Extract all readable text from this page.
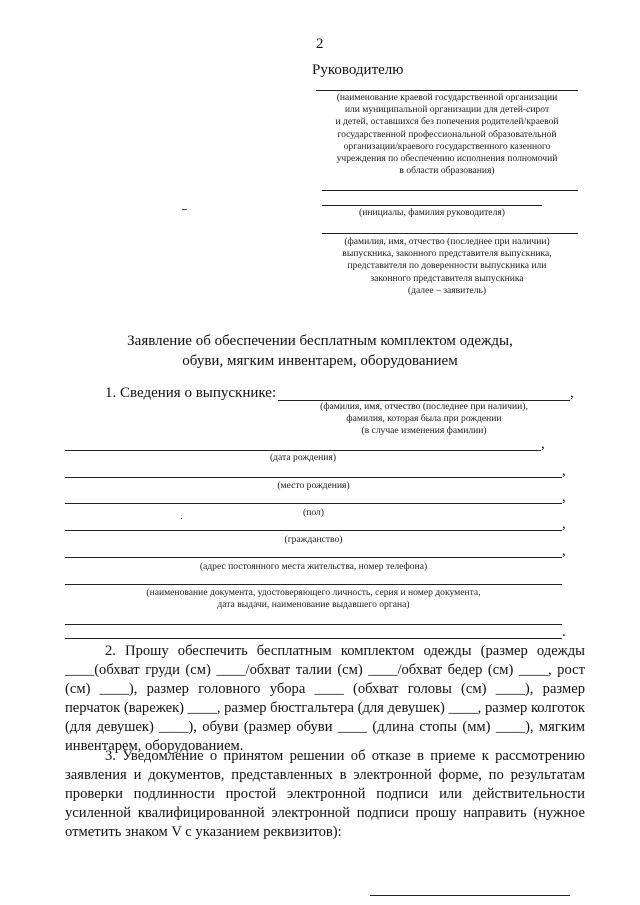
2
Руководителю
(наименование краевой государственной организации
или муниципальной организации для детей-сирот
и детей, оставшихся без попечения родителей/краевой
государственной профессиональной образовательной
организации/краевого государственного казенного
учреждения по обеспечению исполнения полномочий
в области образования)
(инициалы, фамилия руководителя)
(фамилия, имя, отчество (последнее при наличии)
выпускника, законного представителя выпускника,
представителя по доверенности выпускника или
законного представителя выпускника
(далее – заявитель)
Заявление об обеспечении бесплатным комплектом одежды,
обуви, мягким инвентарем, оборудованием
1. Сведения о выпускнике:	,
(фамилия, имя, отчество (последнее при наличии),
фамилия, которая была при рождении
(в случае изменения фамилии)
,
(дата рождения)
,
(место рождения)
,
(пол)
,
(гражданство)
,
(адрес постоянного места жительства, номер телефона)
(наименование документа, удостоверяющего личность, серия и номер документа,
дата выдачи, наименование выдавшего органа)
.
2. Прошу обеспечить бесплатным комплектом одежды (размер одежды ____(обхват груди (см) ____/обхват талии (см) ____/обхват бедер (см) ____, рост (см) ____), размер головного убора ____ (обхват головы (см) ____), размер перчаток (варежек) ____, размер бюстгальтера (для девушек) ____, размер колготок (для девушек) ____), обуви (размер обуви ____ (длина стопы (мм) ____), мягким инвентарем, оборудованием.
3. Уведомление о принятом решении об отказе в приеме к рассмотрению заявления и документов, представленных в электронной форме, по результатам проверки подлинности простой электронной подписи или действительности усиленной квалифицированной электронной подписи прошу направить (нужное отметить знаком V с указанием реквизитов):
